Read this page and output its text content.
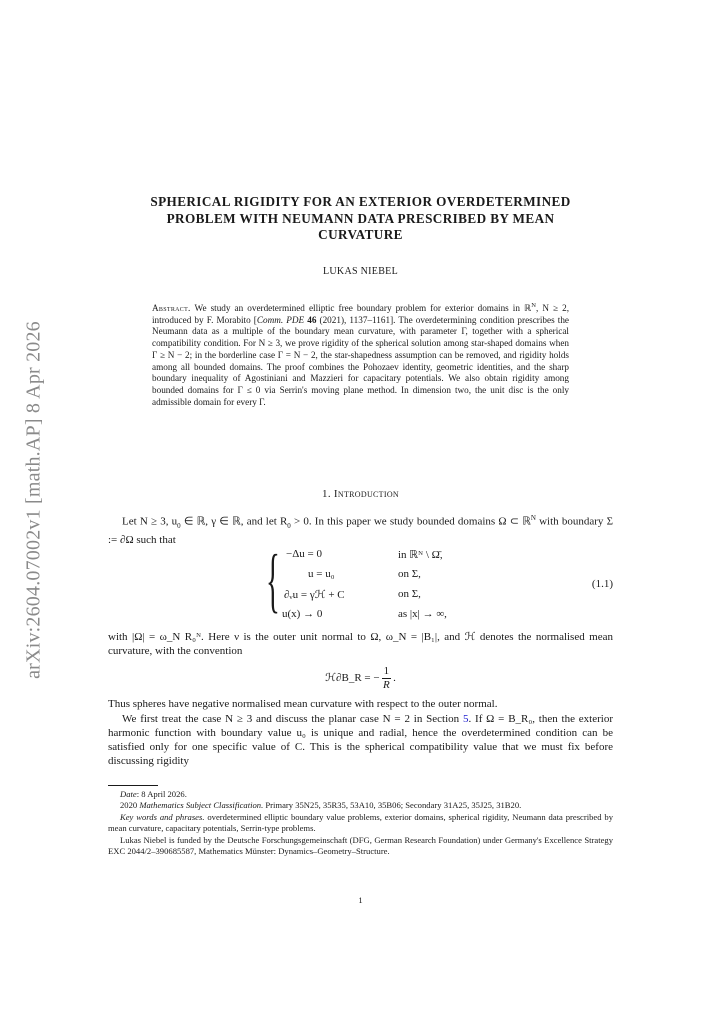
arXiv:2604.07002v1 [math.AP] 8 Apr 2026
SPHERICAL RIGIDITY FOR AN EXTERIOR OVERDETERMINED
PROBLEM WITH NEUMANN DATA PRESCRIBED BY MEAN
CURVATURE
LUKAS NIEBEL
Abstract. We study an overdetermined elliptic free boundary problem for exterior domains in ℝ$^N$, N ≥ 2, introduced by F. Morabito [Comm. PDE 46 (2021), 1137–1161]. The overdetermining condition prescribes the Neumann data as a multiple of the boundary mean curvature, with parameter Γ, together with a spherical compatibility condition. For N ≥ 3, we prove rigidity of the spherical solution among star-shaped domains when Γ ≥ N − 2; in the borderline case Γ = N − 2, the star-shapedness assumption can be removed, and rigidity holds among all bounded domains. The proof combines the Pohozaev identity, geometric identities, and the sharp boundary inequality of Agostiniani and Mazzieri for capacitary potentials. We also obtain rigidity among bounded domains for Γ ≤ 0 via Serrin's moving plane method. In dimension two, the unit disc is the only admissible domain for every Γ.
1. Introduction
Let N ≥ 3, $u_0$ ∈ ℝ, γ ∈ ℝ, and let $R_0 > 0$. In this paper we study bounded domains Ω ⊂ ℝ$^N$ with boundary Σ := ∂Ω such that
{ −Δu = 0	in ℝᴺ \ Ω̄,
u = u₀	on Σ,
∂ᵥu = γℋ + C	on Σ,
u(x) → 0	as |x| → ∞,
(1.1)
with |Ω| = ω_N R₀ᴺ. Here ν is the outer unit normal to Ω, ω_N = |B₁|, and ℋ denotes the normalised mean curvature, with the convention
ℋ∂B_R = − $\frac{1}{R}$ .
Thus spheres have negative normalised mean curvature with respect to the outer normal.
We first treat the case N ≥ 3 and discuss the planar case N = 2 in Section 5. If Ω = B_R₀, then the exterior harmonic function with boundary value u₀ is unique and radial, hence the overdetermined condition can be satisfied only for one specific value of C. This is the spherical compatibility value that we must fix before discussing rigidity

Date: 8 April 2026.

2020 Mathematics Subject Classification. Primary 35N25, 35R35, 53A10, 35B06; Secondary 31A25, 35J25, 31B20.

Key words and phrases. overdetermined elliptic boundary value problems, exterior domains, spherical rigidity, Neumann data prescribed by mean curvature, capacitary potentials, Serrin-type problems.

Lukas Niebel is funded by the Deutsche Forschungsgemeinschaft (DFG, German Research Foundation) under Germany's Excellence Strategy EXC 2044/2–390685587, Mathematics Münster: Dynamics–Geometry–Structure.

1
